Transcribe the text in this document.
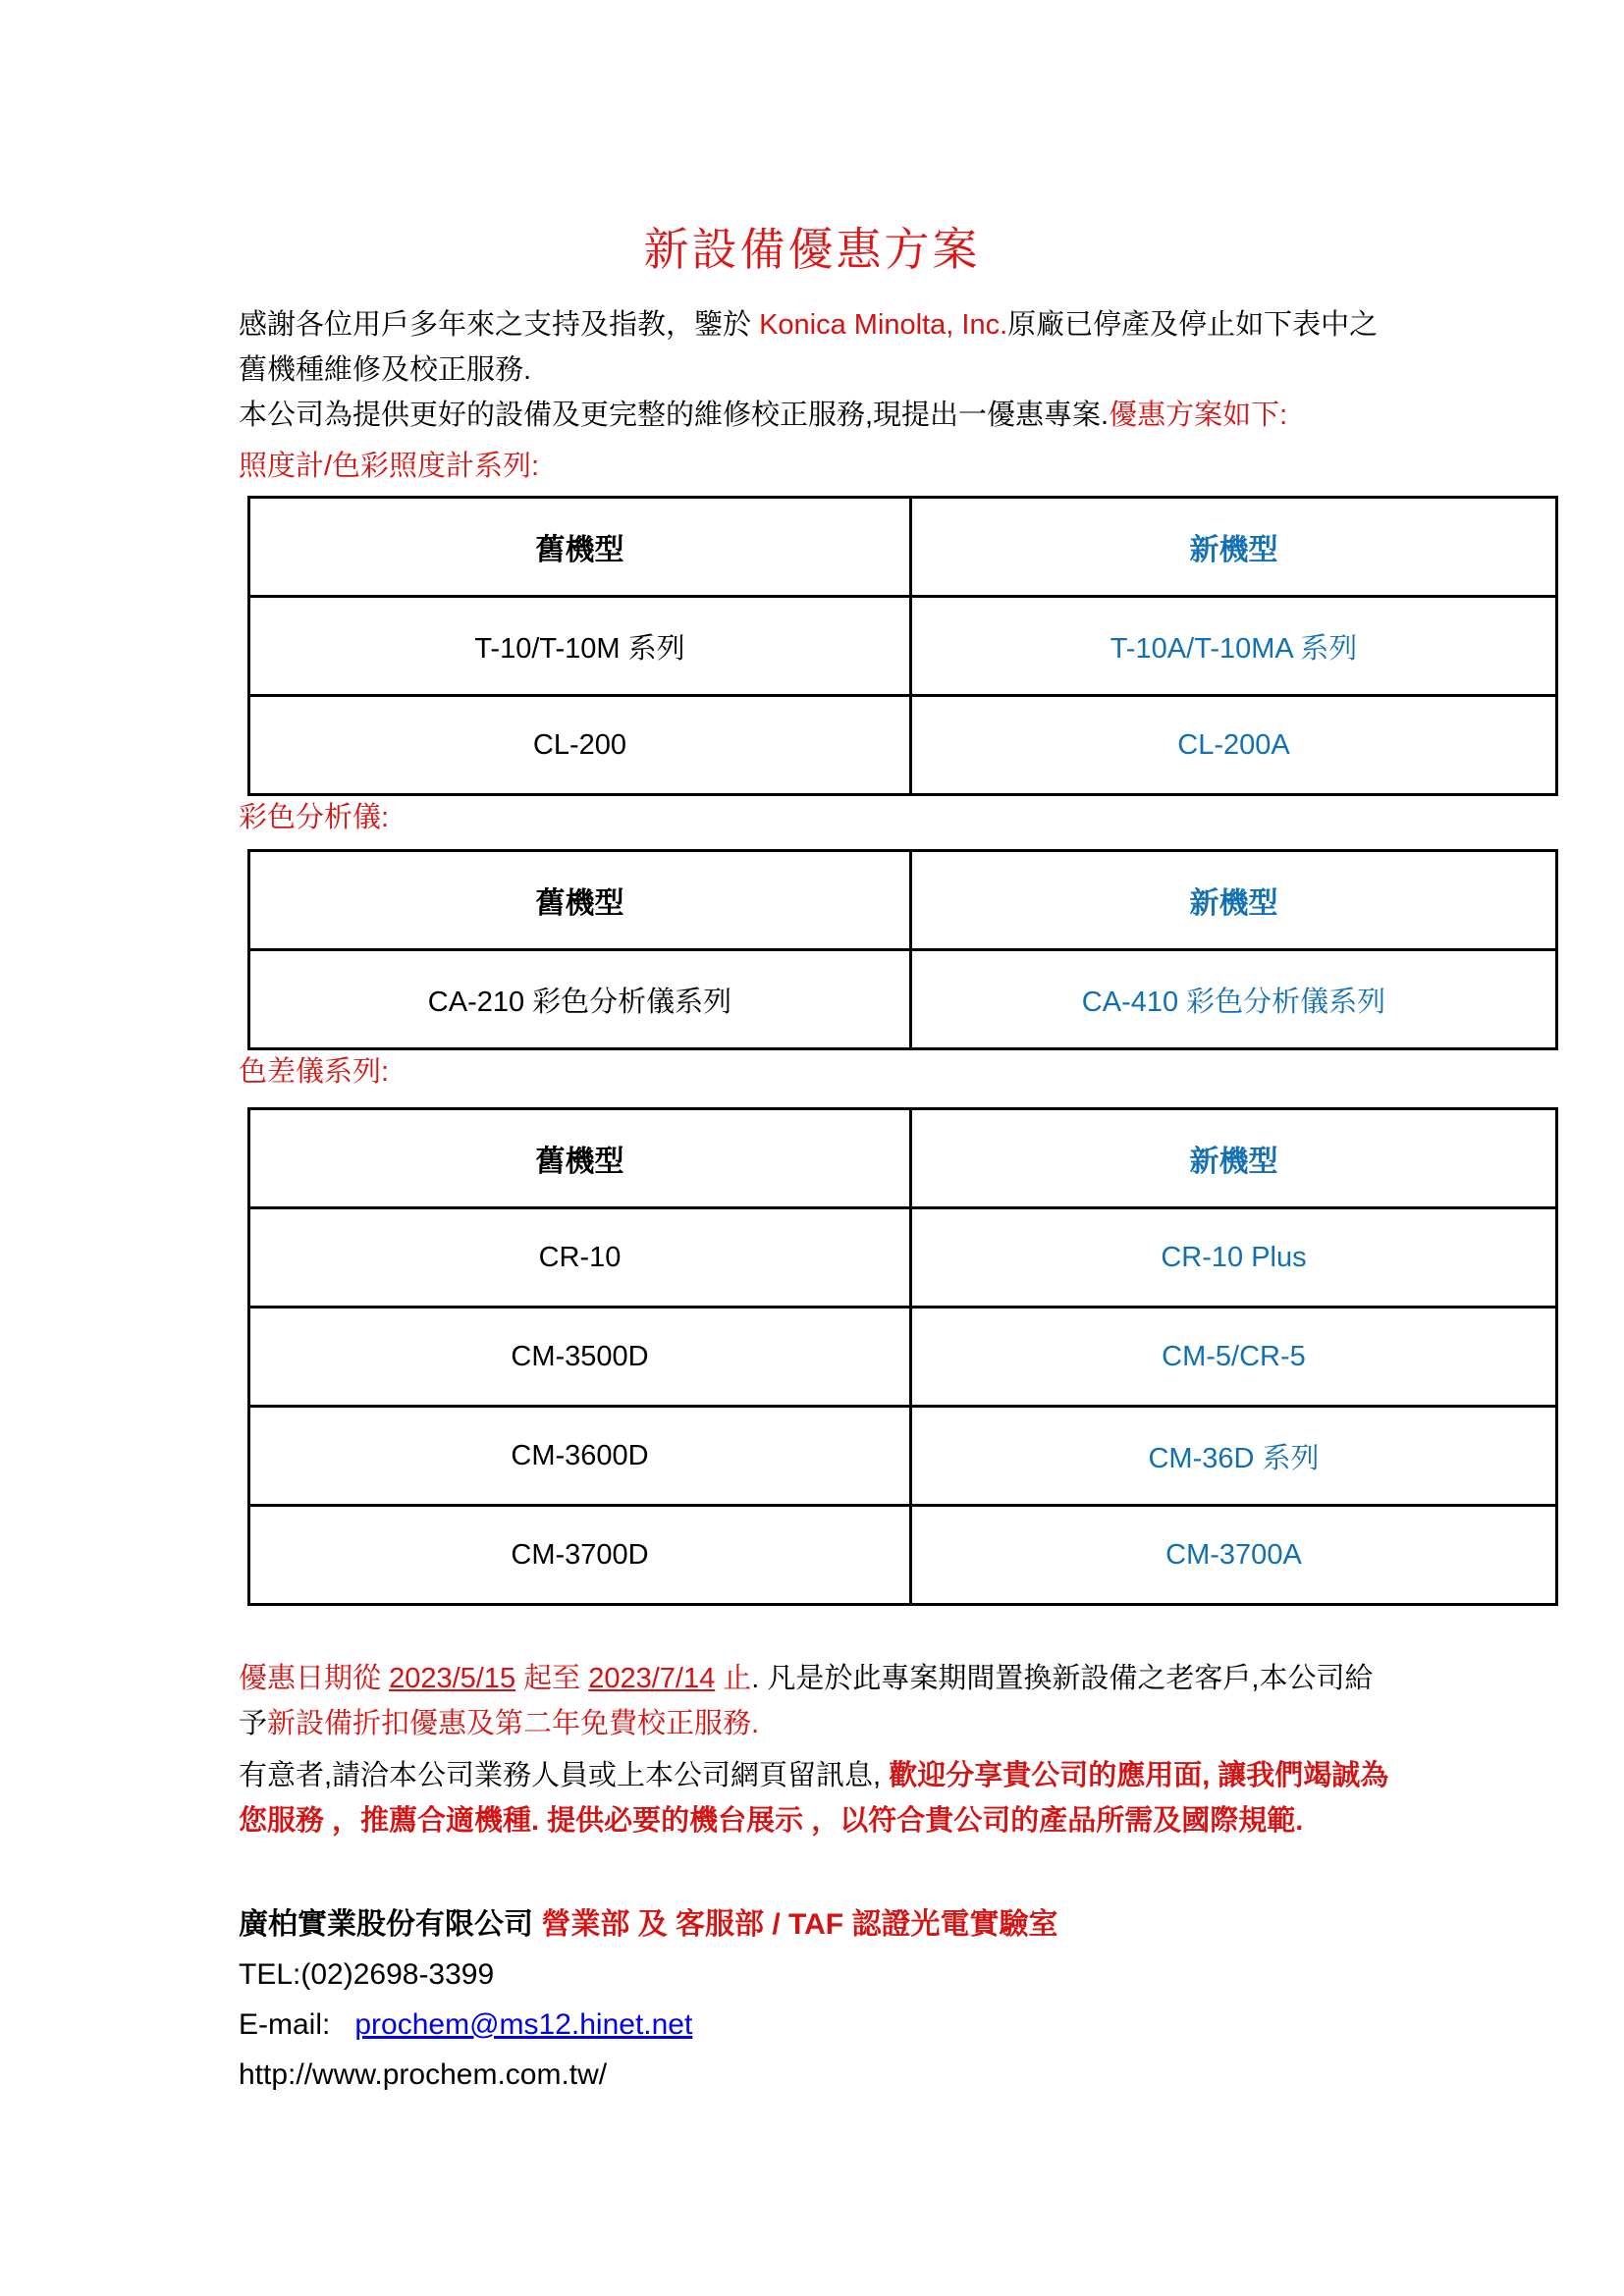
新設備優惠方案
感謝各位用戶多年來之支持及指教，鑒於 Konica Minolta, Inc.原廠已停產及停止如下表中之
舊機種維修及校正服務.
本公司為提供更好的設備及更完整的維修校正服務,現提出一優惠專案.優惠方案如下:
照度計/色彩照度計系列:
舊機型	新機型
T-10/T-10M 系列	T-10A/T-10MA 系列
CL-200	CL-200A
彩色分析儀:
舊機型	新機型
CA-210 彩色分析儀系列	CA-410 彩色分析儀系列
色差儀系列:
舊機型	新機型
CR-10	CR-10 Plus
CM-3500D	CM-5/CR-5
CM-3600D	CM-36D 系列
CM-3700D	CM-3700A
優惠日期從 2023/5/15 起至 2023/7/14 止. 凡是於此專案期間置換新設備之老客戶,本公司給
予新設備折扣優惠及第二年免費校正服務.
有意者,請洽本公司業務人員或上本公司網頁留訊息, 歡迎分享貴公司的應用面, 讓我們竭誠為
您服務 ，推薦合適機種. 提供必要的機台展示 ，以符合貴公司的產品所需及國際規範.
廣柏實業股份有限公司 營業部 及 客服部 / TAF 認證光電實驗室
TEL:(02)2698-3399
E-mail:   prochem@ms12.hinet.net
http://www.prochem.com.tw/
